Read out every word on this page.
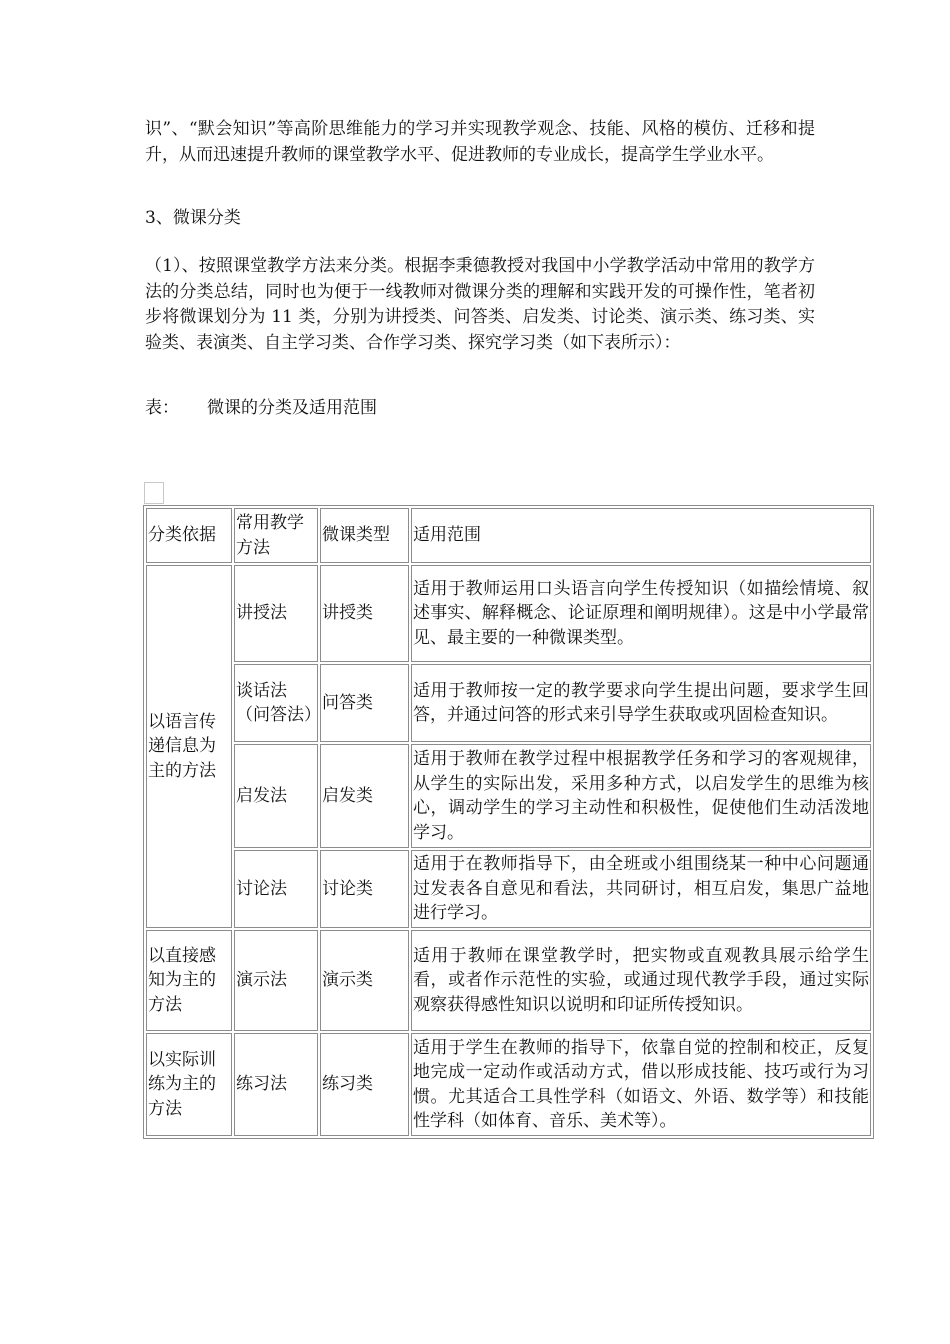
识”、“默会知识”等高阶思维能力的学习并实现教学观念、技能、风格的模仿、迁移和提升，从而迅速提升教师的课堂教学水平、促进教师的专业成长，提高学生学业水平。

3、微课分类

（1）、按照课堂教学方法来分类。根据李秉德教授对我国中小学教学活动中常用的教学方法的分类总结，同时也为便于一线教师对微课分类的理解和实践开发的可操作性，笔者初步将微课划分为 11 类，分别为讲授类、问答类、启发类、讨论类、演示类、练习类、实验类、表演类、自主学习类、合作学习类、探究学习类（如下表所示）：

表： 微课的分类及适用范围

分类依据	常用教学方法	微课类型	适用范围
以语言传递信息为主的方法	讲授法	讲授类	适用于教师运用口头语言向学生传授知识（如描绘情境、叙述事实、解释概念、论证原理和阐明规律）。这是中小学最常见、最主要的一种微课类型。
	谈话法（问答法）	问答类	适用于教师按一定的教学要求向学生提出问题，要求学生回答，并通过问答的形式来引导学生获取或巩固检查知识。
	启发法	启发类	适用于教师在教学过程中根据教学任务和学习的客观规律，从学生的实际出发，采用多种方式，以启发学生的思维为核心，调动学生的学习主动性和积极性，促使他们生动活泼地学习。
	讨论法	讨论类	适用于在教师指导下，由全班或小组围绕某一种中心问题通过发表各自意见和看法，共同研讨，相互启发，集思广益地进行学习。
以直接感知为主的方法	演示法	演示类	适用于教师在课堂教学时，把实物或直观教具展示给学生看，或者作示范性的实验，或通过现代教学手段，通过实际观察获得感性知识以说明和印证所传授知识。
以实际训练为主的方法	练习法	练习类	适用于学生在教师的指导下，依靠自觉的控制和校正，反复地完成一定动作或活动方式，借以形成技能、技巧或行为习惯。尤其适合工具性学科（如语文、外语、数学等）和技能性学科（如体育、音乐、美术等）。
